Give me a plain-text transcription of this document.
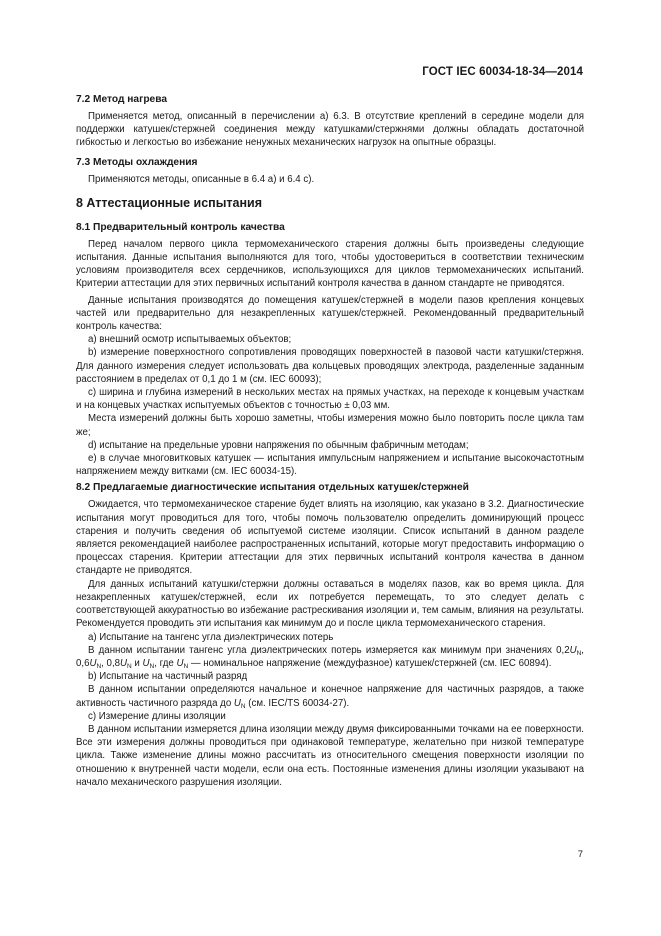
ГОСТ IEC 60034-18-34—2014
7.2 Метод нагрева

Применяется метод, описанный в перечислении а) 6.3. В отсутствие креплений в середине модели для поддержки катушек/стержней соединения между катушками/стержнями должны обладать достаточной гибкостью и легкостью во избежание ненужных механических нагрузок на опытные образцы.

7.3 Методы охлаждения

Применяются методы, описанные в 6.4 а) и 6.4 с).

8 Аттестационные испытания
8.1 Предварительный контроль качества

Перед началом первого цикла термомеханического старения должны быть произведены следующие испытания. Данные испытания выполняются для того, чтобы удостовериться в соответствии техническим условиям производителя всех сердечников, использующихся для циклов термомеханических испытаний. Критерии аттестации для этих первичных испытаний контроля качества в данном стандарте не приводятся.

Данные испытания производятся до помещения катушек/стержней в модели пазов крепления концевых частей или предварительно для незакрепленных катушек/стержней. Рекомендованный предварительный контроль качества:

а) внешний осмотр испытываемых объектов;

b) измерение поверхностного сопротивления проводящих поверхностей в пазовой части катушки/стержня. Для данного измерения следует использовать два кольцевых проводящих электрода, разделенные заданным расстоянием в пределах от 0,1 до 1 м (см. IEC 60093);

c) ширина и глубина измерений в нескольких местах на прямых участках, на переходе к концевым участкам и на концевых участках испытуемых объектов с точностью ± 0,03 мм.

Места измерений должны быть хорошо заметны, чтобы измерения можно было повторить после цикла там же;

d) испытание на предельные уровни напряжения по обычным фабричным методам;

е) в случае многовитковых катушек — испытания импульсным напряжением и испытание высокочастотным напряжением между витками (см. IEC 60034-15).

8.2 Предлагаемые диагностические испытания отдельных катушек/стержней

Ожидается, что термомеханическое старение будет влиять на изоляцию, как указано в 3.2. Диагностические испытания могут проводиться для того, чтобы помочь пользователю определить доминирующий процесс старения и получить сведения об испытуемой системе изоляции. Список испытаний в данном разделе является рекомендацией наиболее распространенных испытаний, которые могут предоставить информацию о процессах старения. Критерии аттестации для этих первичных испытаний контроля качества в данном стандарте не приводятся.

Для данных испытаний катушки/стержни должны оставаться в моделях пазов, как во время цикла. Для незакрепленных катушек/стержней, если их потребуется перемещать, то это следует делать с соответствующей аккуратностью во избежание растрескивания изоляции и, тем самым, влияния на результаты. Рекомендуется проводить эти испытания как минимум до и после цикла термомеханического старения.

а) Испытание на тангенс угла диэлектрических потерь

В данном испытании тангенс угла диэлектрических потерь измеряется как минимум при значениях $0,2U_N$, $0,6U_N$, $0,8U_N$ и $U_N$, где $U_N$ — номинальное напряжение (междуфазное) катушек/стержней (см. IEC 60894).

b) Испытание на частичный разряд

В данном испытании определяются начальное и конечное напряжение для частичных разрядов, а также активность частичного разряда до $U_N$ (см. IEC/TS 60034-27).

c) Измерение длины изоляции

В данном испытании измеряется длина изоляции между двумя фиксированными точками на ее поверхности. Все эти измерения должны проводиться при одинаковой температуре, желательно при низкой температуре цикла. Также изменение длины можно рассчитать из относительного смещения поверхности изоляции по отношению к внутренней части модели, если она есть. Постоянные изменения длины изоляции указывают на начало механического разрушения изоляции.

7
